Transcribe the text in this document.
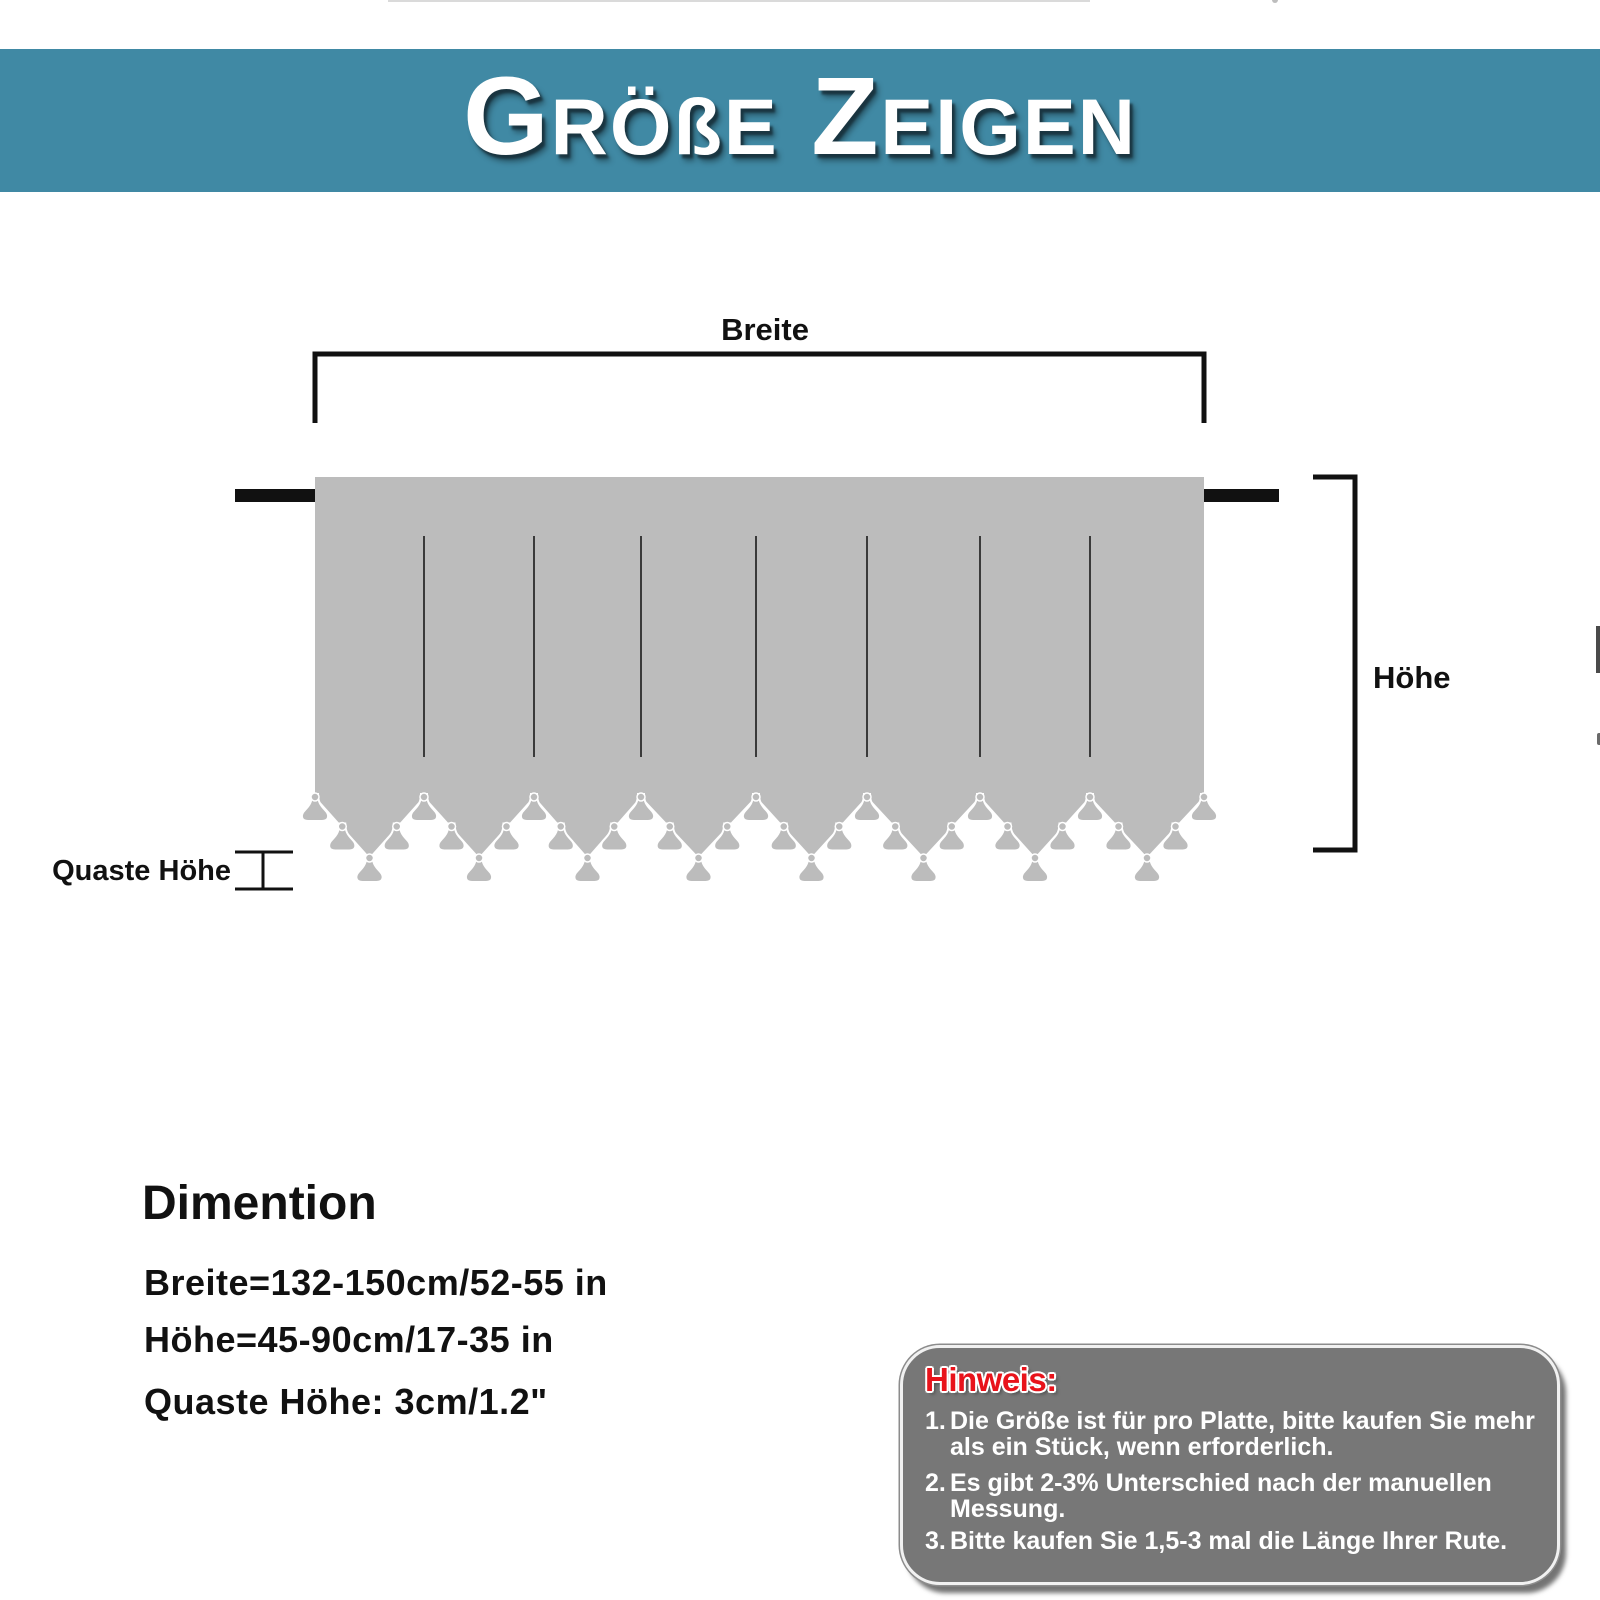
GRÖßE ZEIGEN
Breite
Höhe
Quaste Höhe
Dimention
Breite=132-150cm/52-55 in
Höhe=45-90cm/17-35 in
Quaste Höhe: 3cm/1.2"
Hinweis:
1. Die Größe ist für pro Platte, bitte kaufen Sie mehr als ein Stück, wenn erforderlich.
2. Es gibt 2-3% Unterschied nach der manuellen Messung.
3. Bitte kaufen Sie 1,5-3 mal die Länge Ihrer Rute.
